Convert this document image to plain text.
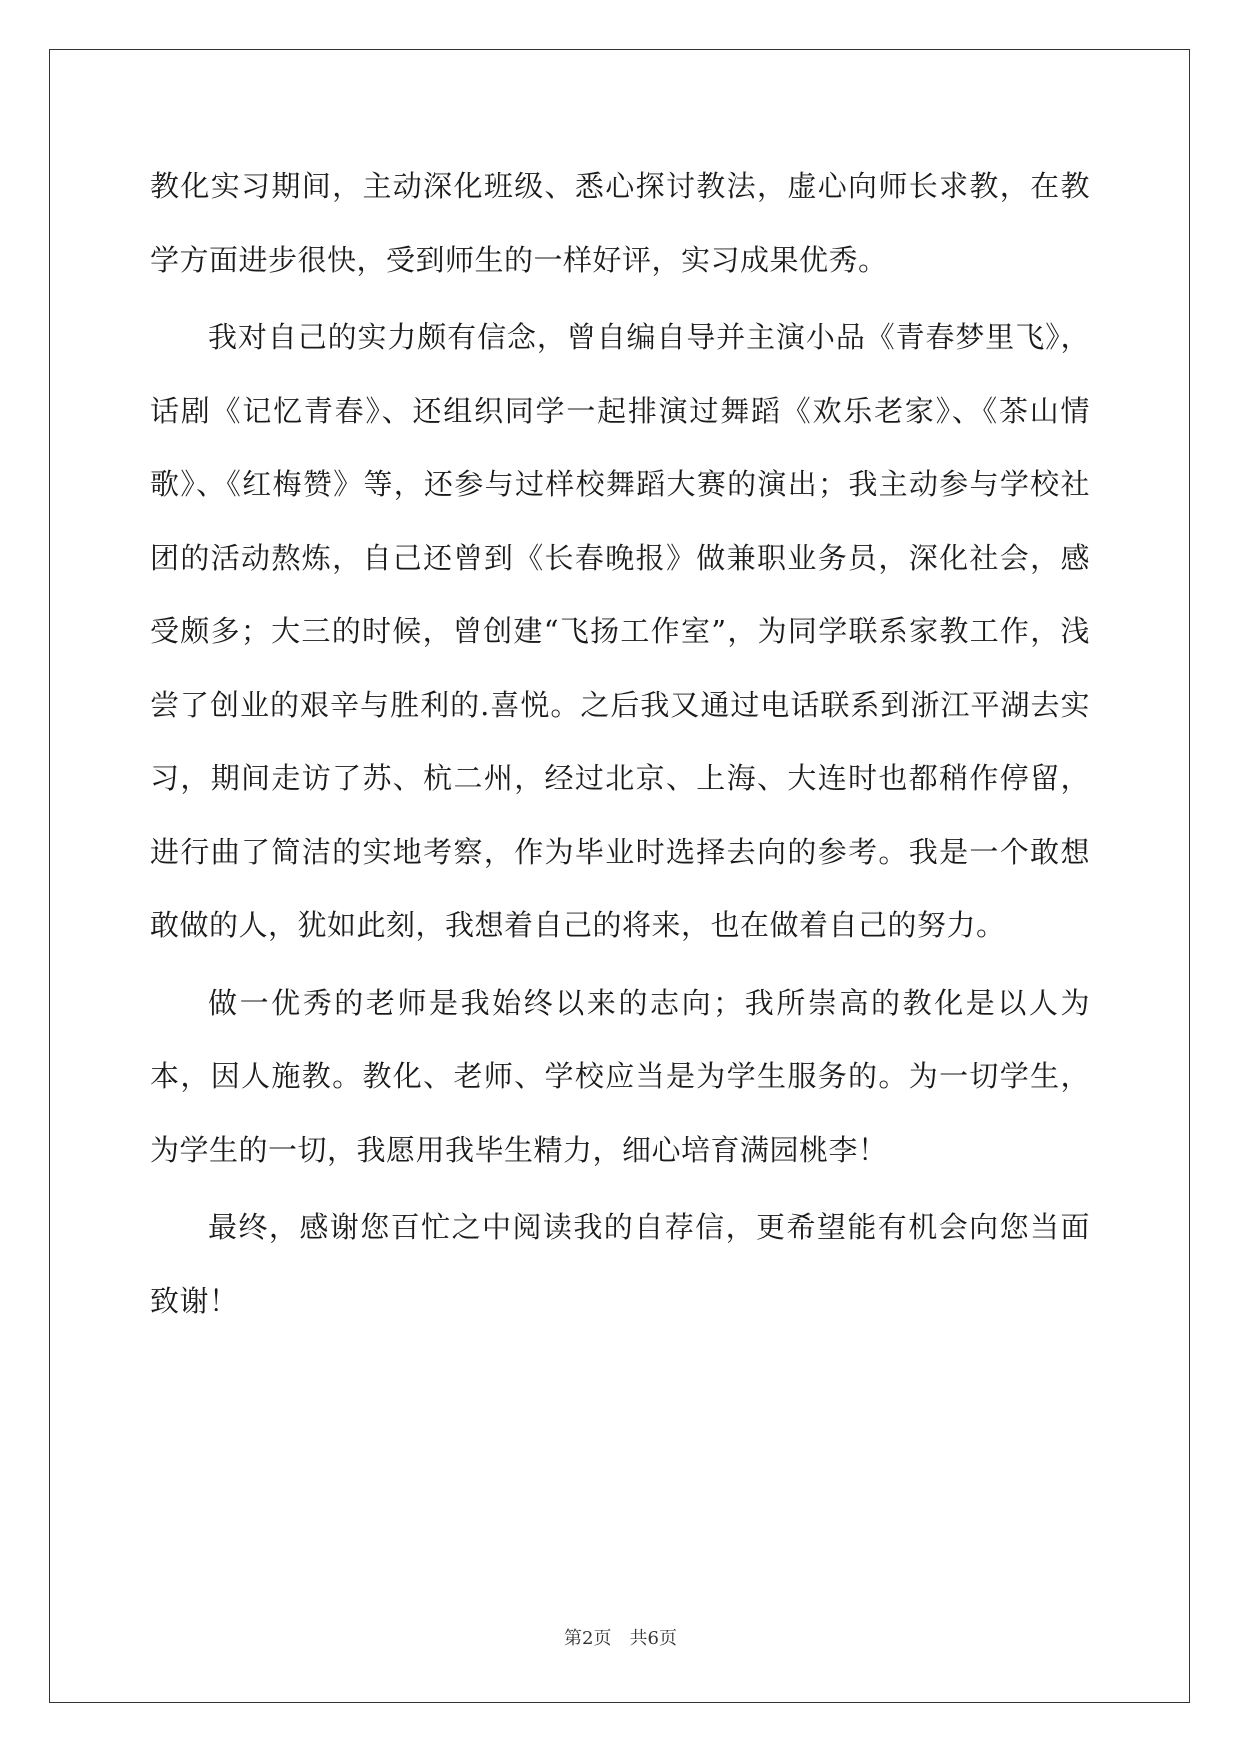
教化实习期间，主动深化班级、悉心探讨教法，虚心向师长求教，在教学方面进步很快，受到师生的一样好评，实习成果优秀。

我对自己的实力颇有信念，曾自编自导并主演小品《青春梦里飞》，话剧《记忆青春》、还组织同学一起排演过舞蹈《欢乐老家》、《茶山情歌》、《红梅赞》等，还参与过样校舞蹈大赛的演出；我主动参与学校社团的活动熬炼，自己还曾到《长春晚报》做兼职业务员，深化社会，感受颇多；大三的时候，曾创建“飞扬工作室”，为同学联系家教工作，浅尝了创业的艰辛与胜利的.喜悦。之后我又通过电话联系到浙江平湖去实习，期间走访了苏、杭二州，经过北京、上海、大连时也都稍作停留，进行曲了简洁的实地考察，作为毕业时选择去向的参考。我是一个敢想敢做的人，犹如此刻，我想着自己的将来，也在做着自己的努力。

做一优秀的老师是我始终以来的志向；我所崇高的教化是以人为本，因人施教。教化、老师、学校应当是为学生服务的。为一切学生，为学生的一切，我愿用我毕生精力，细心培育满园桃李！

最终，感谢您百忙之中阅读我的自荐信，更希望能有机会向您当面致谢！

第2页　共6页
